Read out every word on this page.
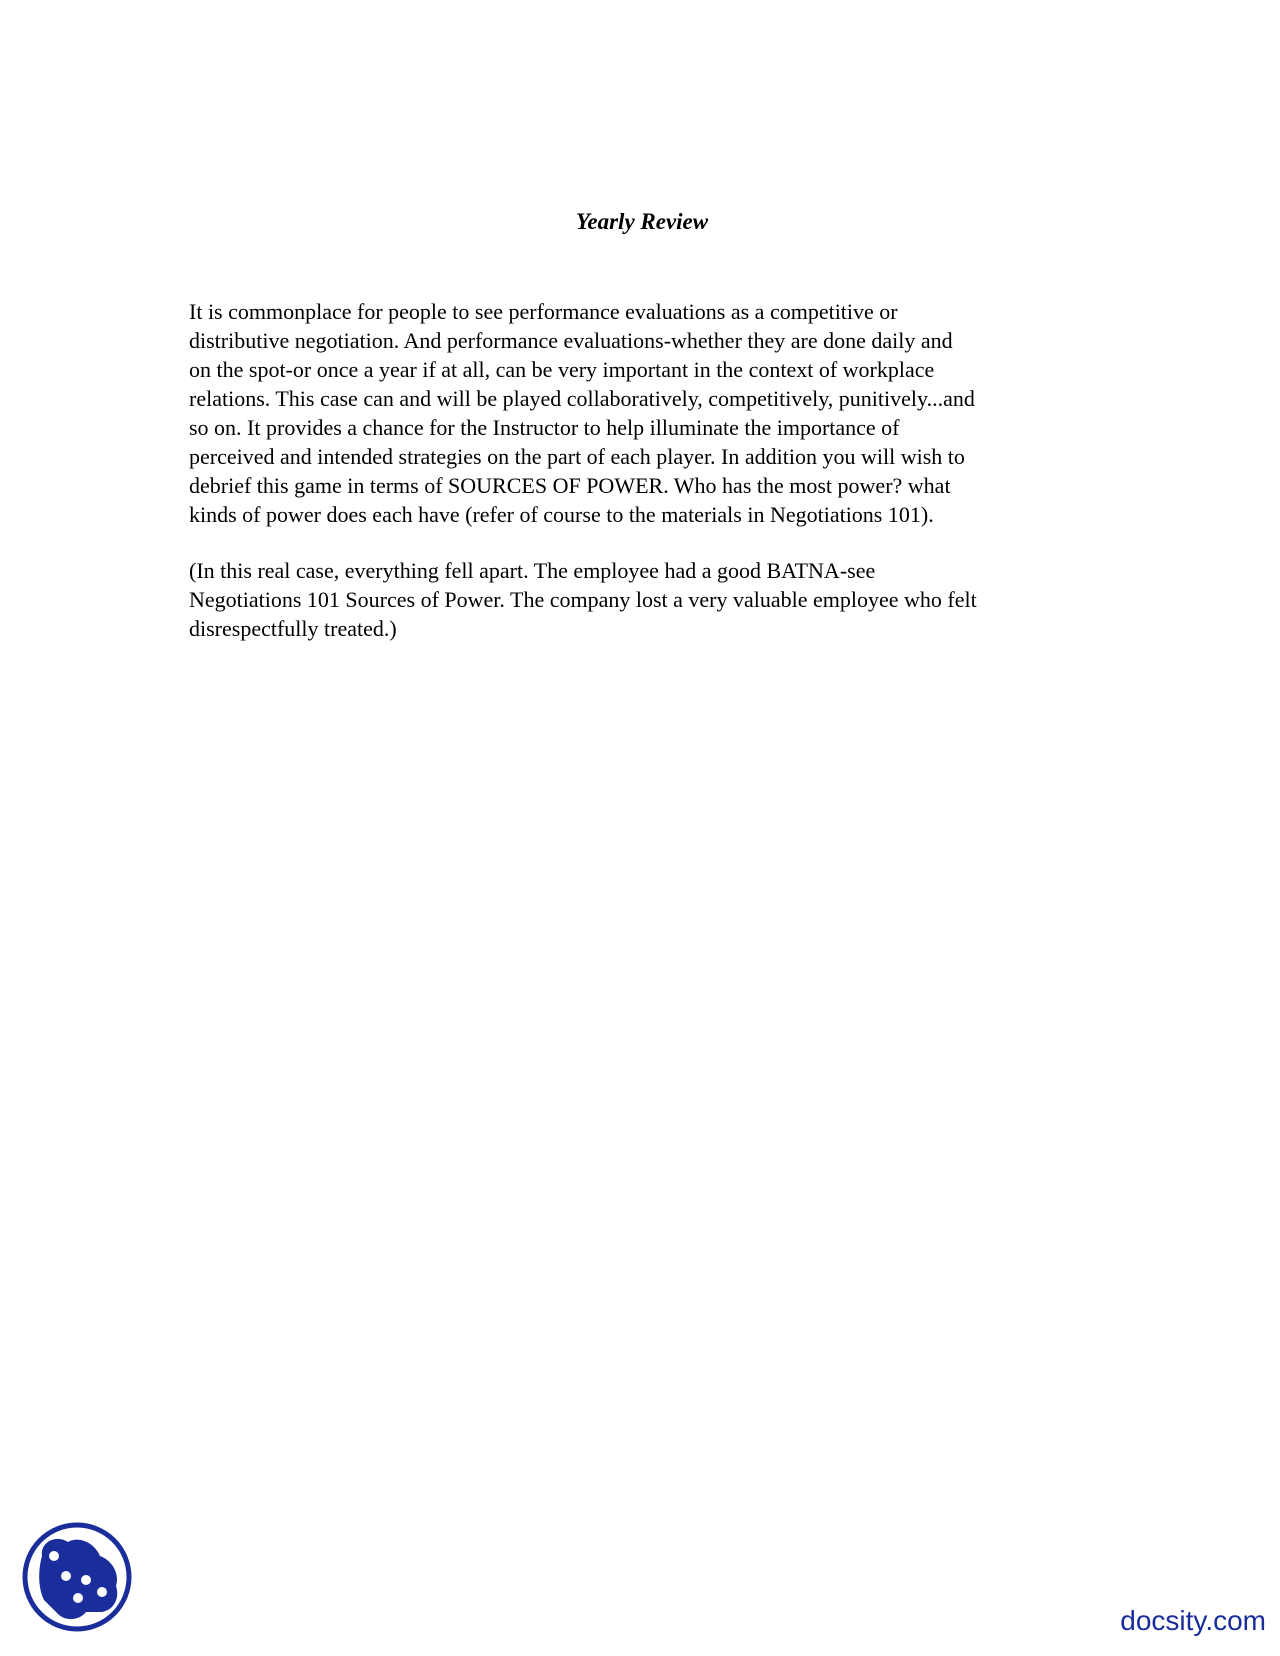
Yearly Review

It is commonplace for people to see performance evaluations as a competitive or
distributive negotiation. And performance evaluations-whether they are done daily and
on the spot-or once a year if at all, can be very important in the context of workplace
relations. This case can and will be played collaboratively, competitively, punitively...and
so on. It provides a chance for the Instructor to help illuminate the importance of
perceived and intended strategies on the part of each player. In addition you will wish to
debrief this game in terms of SOURCES OF POWER. Who has the most power? what
kinds of power does each have (refer of course to the materials in Negotiations 101).

(In this real case, everything fell apart. The employee had a good BATNA-see
Negotiations 101 Sources of Power. The company lost a very valuable employee who felt
disrespectfully treated.)

docsity.com
